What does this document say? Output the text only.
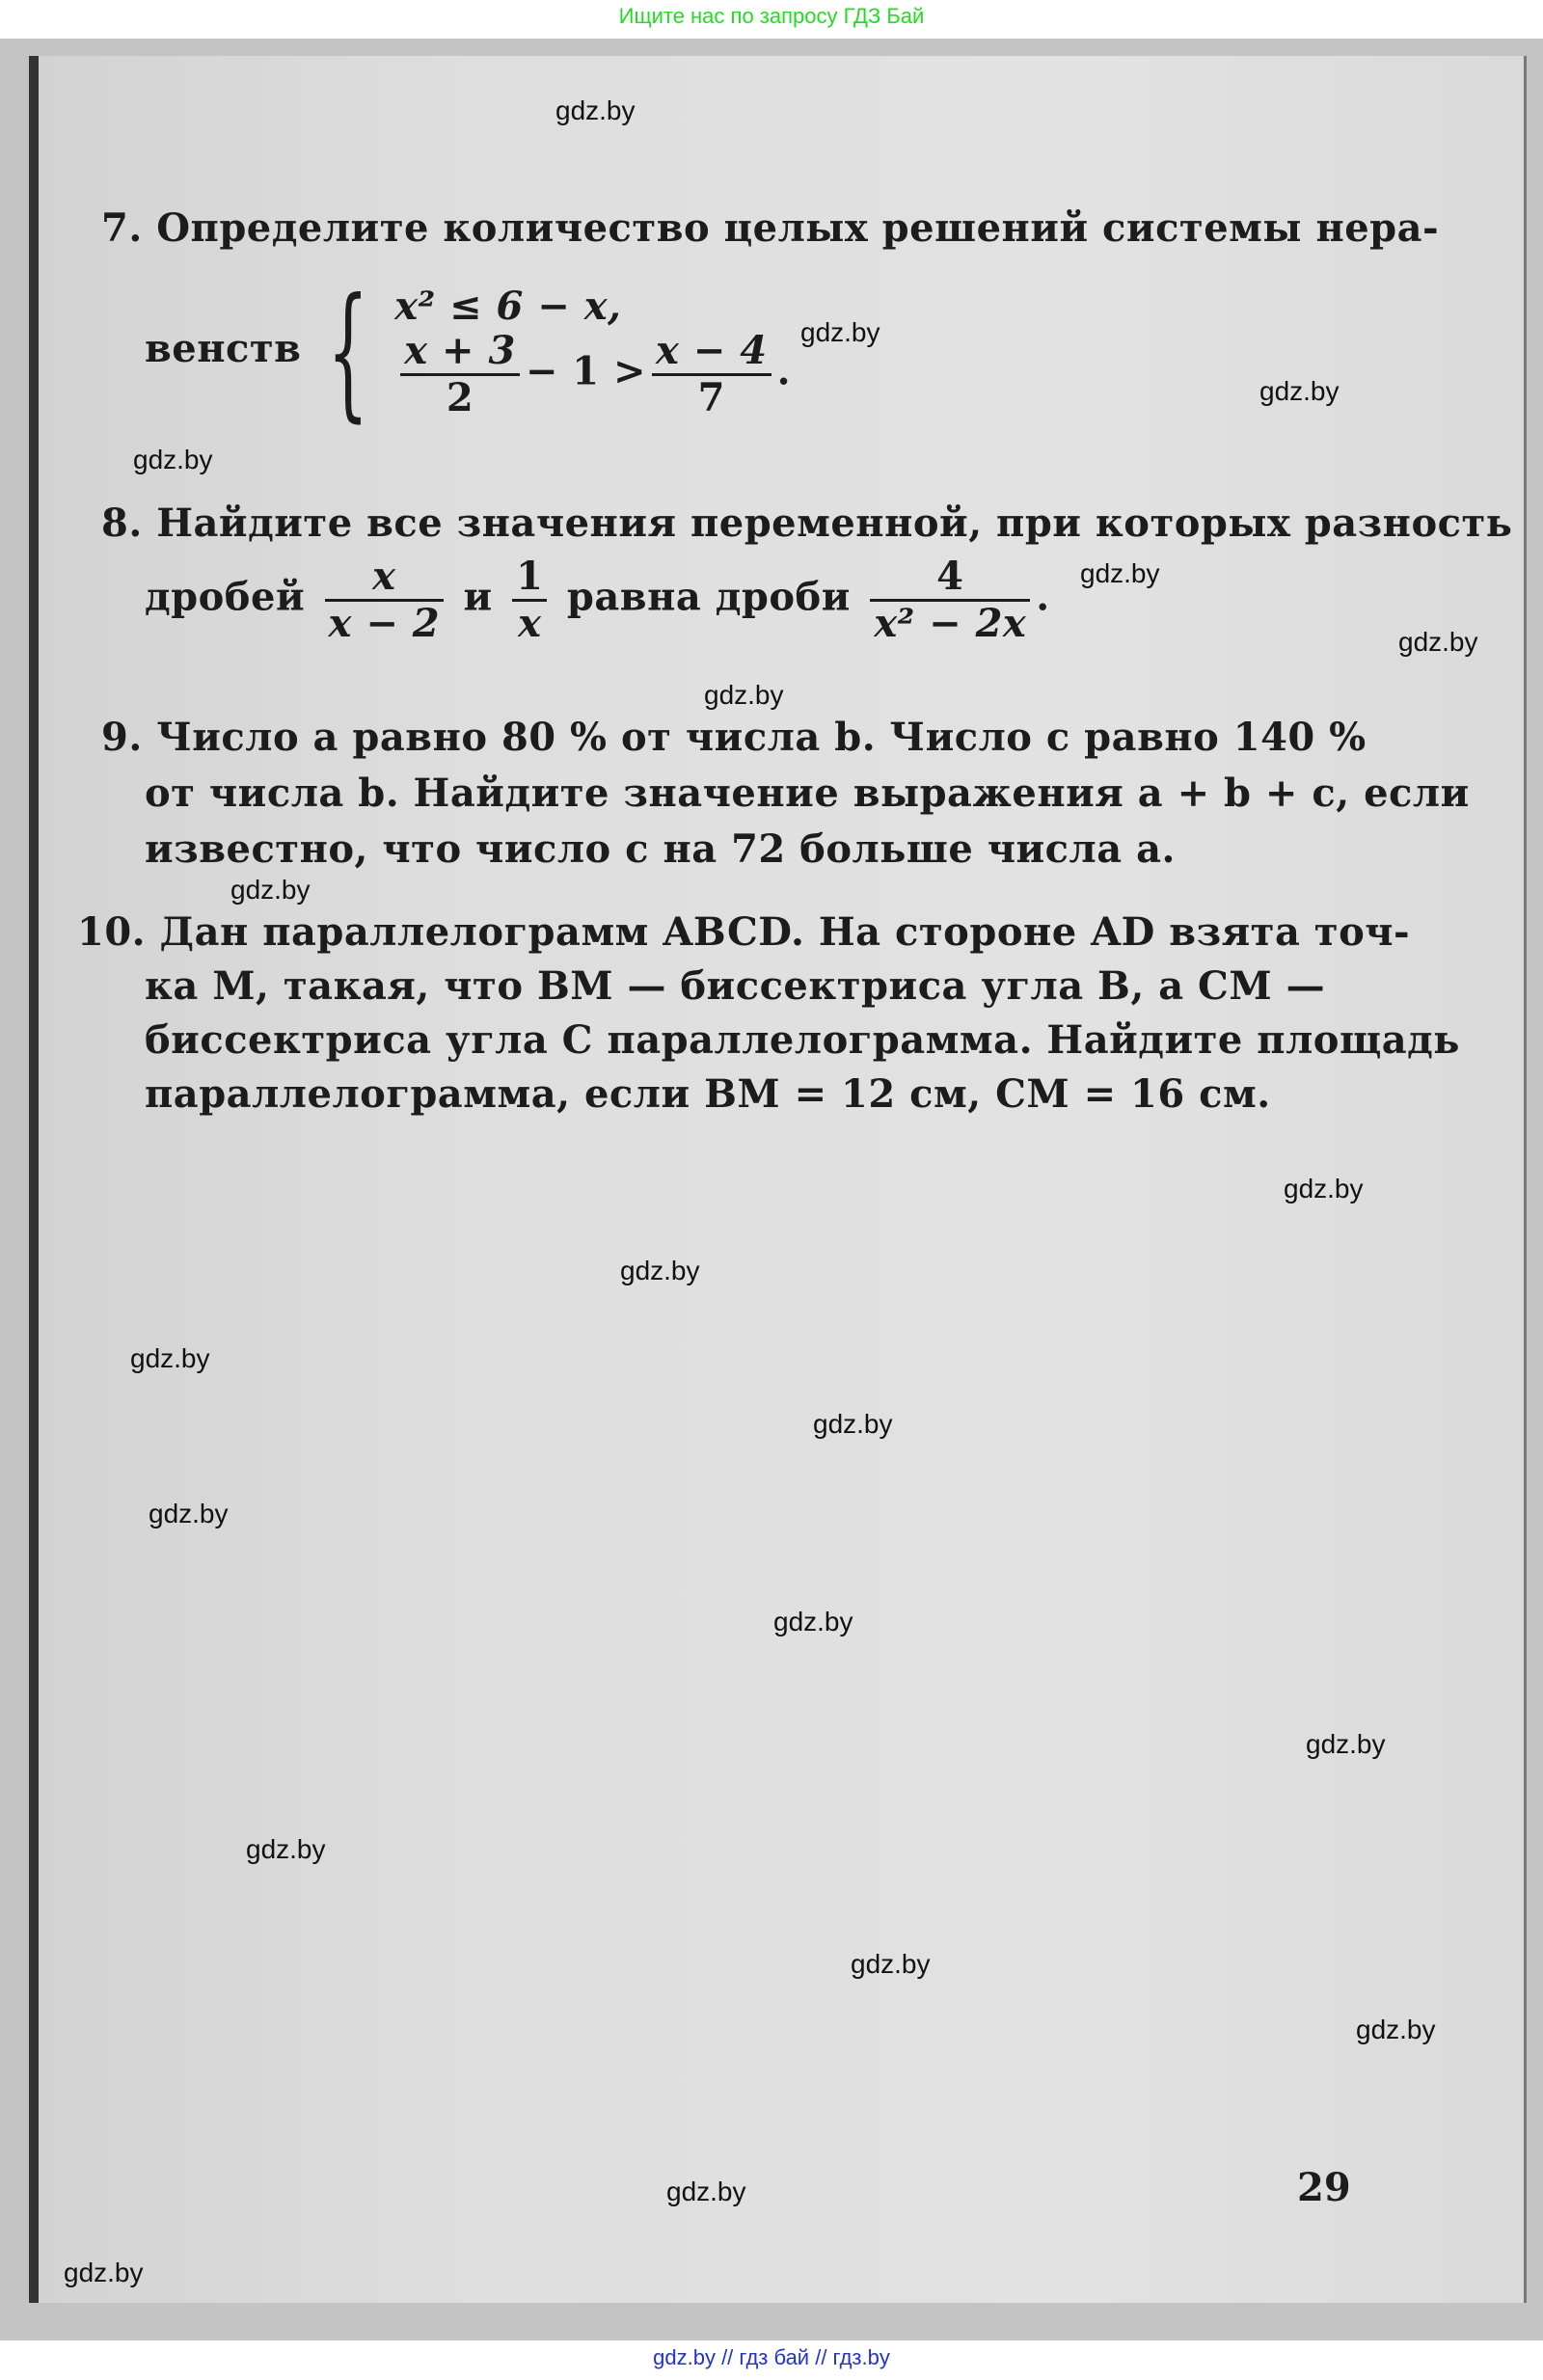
Ищите нас по запросу ГДЗ Бай
7. Определите количество целых решений системы нера-
венств { x² ≤ 6 − x,
$\frac{x + 3}{2} - 1 > \frac{x - 4}{7}$ .
8. Найдите все значения переменной, при которых разность
дробей $\frac{x}{x - 2}$ и $\frac{1}{x}$ равна дроби $\frac{4}{\text{x² − 2x}}$ .
9. Число a равно 80 % от числа b. Число c равно 140 %
от числа b. Найдите значение выражения a + b + c, если
известно, что число c на 72 больше числа a.
10. Дан параллелограмм ABCD. На стороне AD взята точ-
ка M, такая, что BM — биссектриса угла B, а CM —
биссектриса угла C параллелограмма. Найдите площадь
параллелограмма, если BM = 12 см, CM = 16 см.
29
gdz.by
gdz.by
gdz.by
gdz.by
gdz.by
gdz.by
gdz.by
gdz.by
gdz.by
gdz.by
gdz.by
gdz.by
gdz.by
gdz.by
gdz.by
gdz.by
gdz.by
gdz.by
gdz.by
gdz.by
gdz.by // гдз бай // гдз.by
